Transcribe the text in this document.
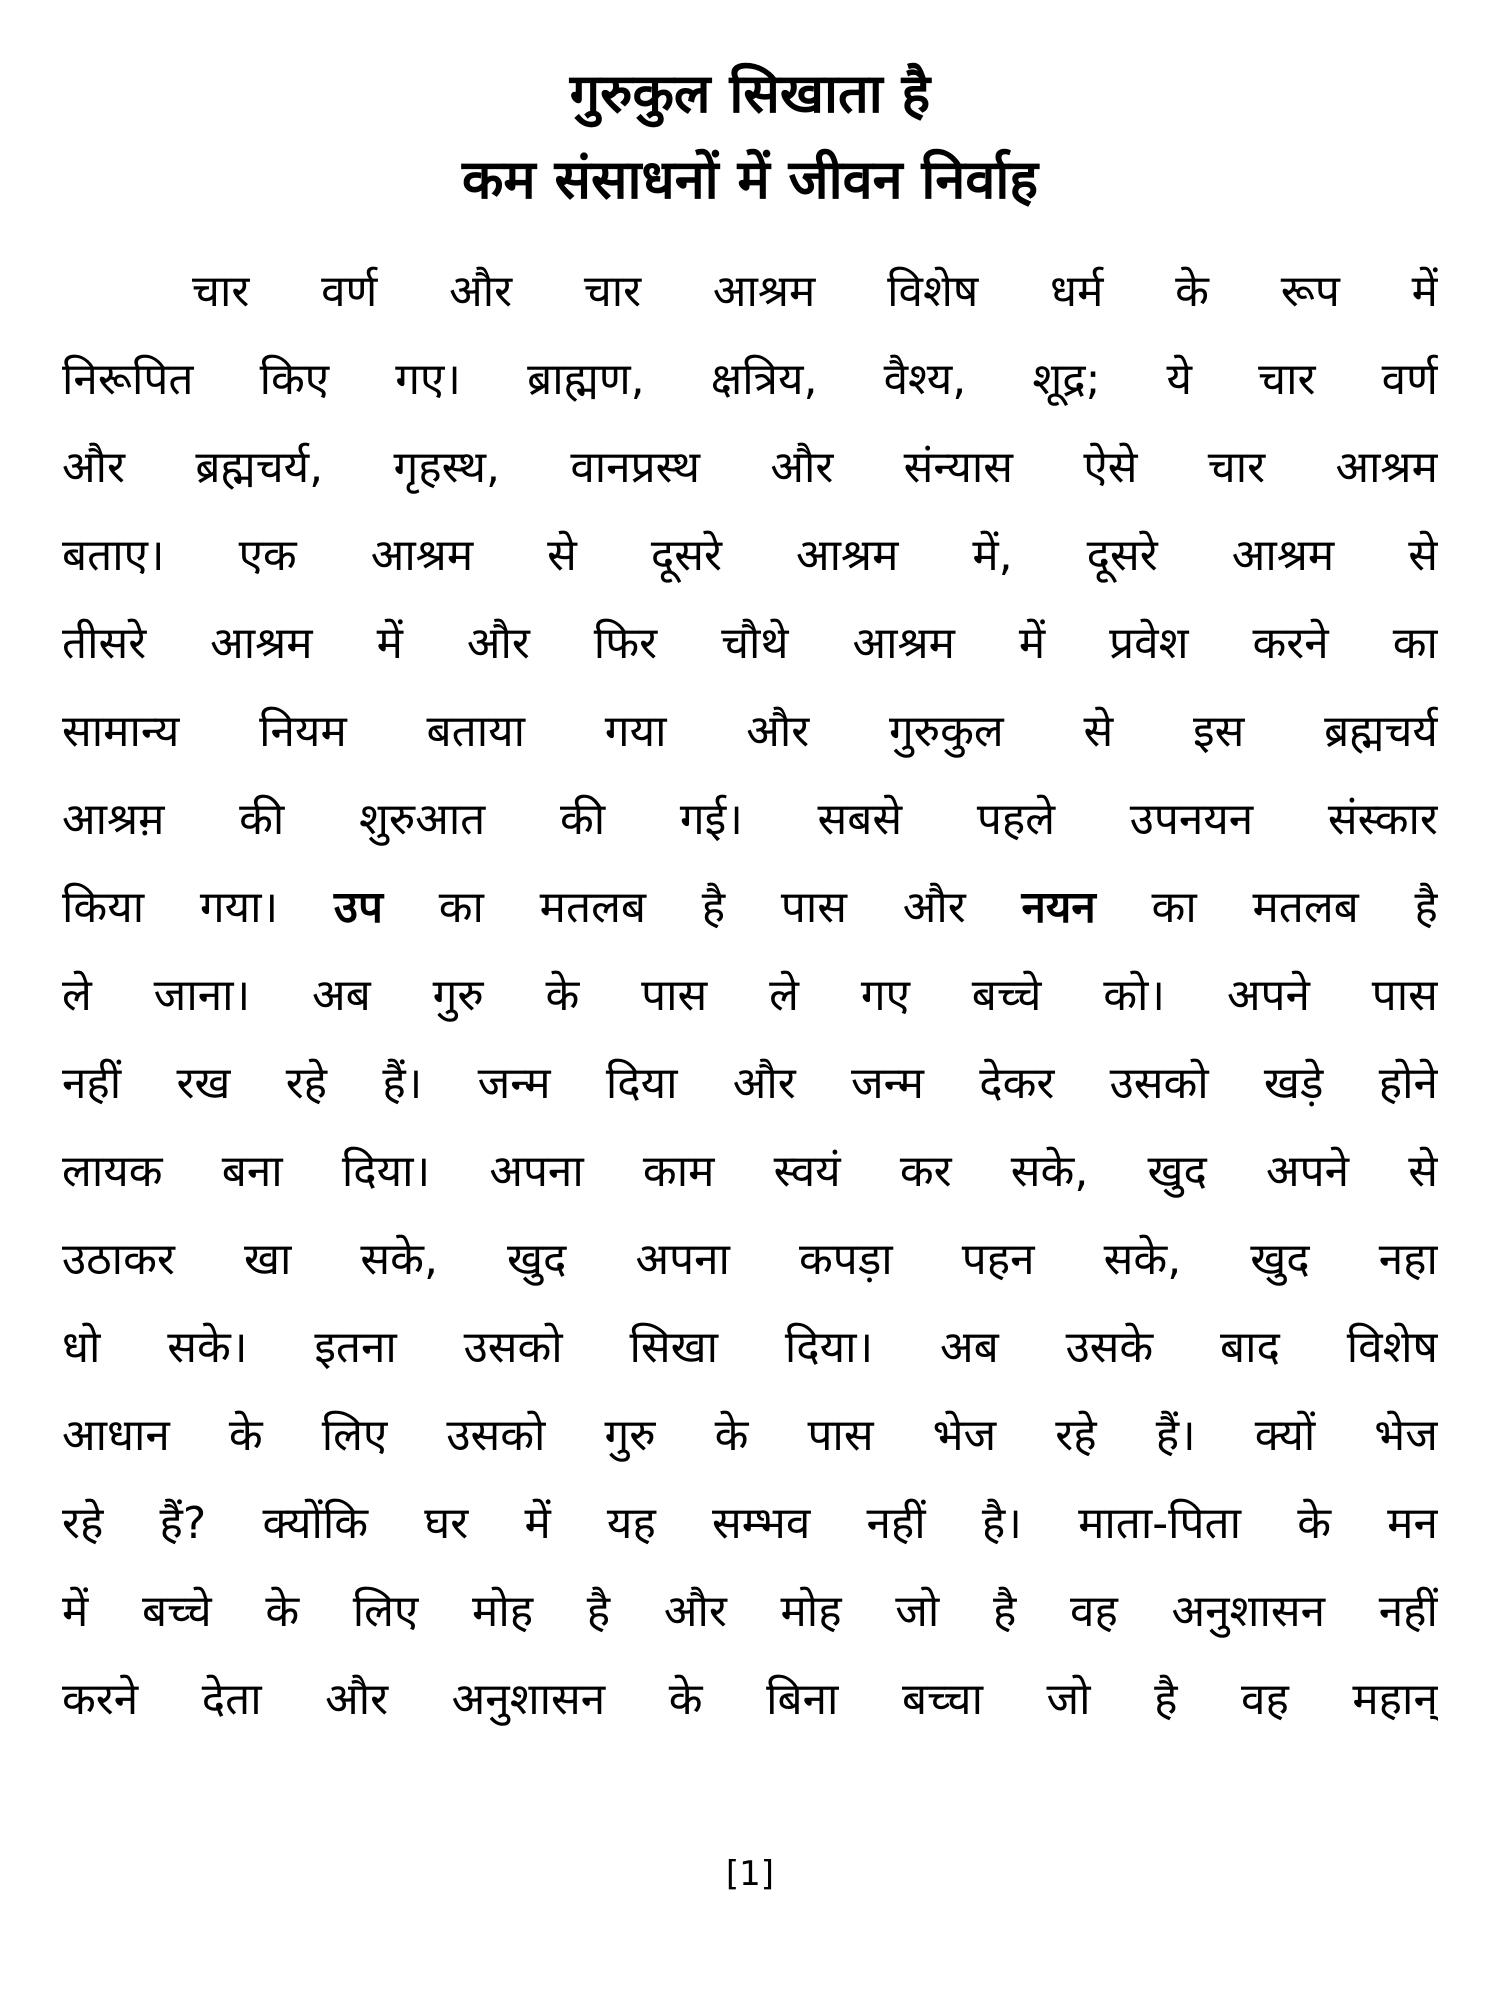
गुरुकुल सिखाता है
कम संसाधनों में जीवन निर्वाह
चार वर्ण और चार आश्रम विशेष धर्म के रूप में
निरूपित किए गए। ब्राह्मण, क्षत्रिय, वैश्य, शूद्र; ये चार वर्ण
और ब्रह्मचर्य, गृहस्थ, वानप्रस्थ और संन्यास ऐसे चार आश्रम
बताए। एक आश्रम से दूसरे आश्रम में, दूसरे आश्रम से
तीसरे आश्रम में और फिर चौथे आश्रम में प्रवेश करने का
सामान्य नियम बताया गया और गुरुकुल से इस ब्रह्मचर्य
आश्रम़ की शुरुआत की गई। सबसे पहले उपनयन संस्कार
किया गया। उप का मतलब है पास और नयन का मतलब है
ले जाना। अब गुरु के पास ले गए बच्चे को। अपने पास
नहीं रख रहे हैं। जन्म दिया और जन्म देकर उसको खड़े होने
लायक बना दिया। अपना काम स्वयं कर सके, खुद अपने से
उठाकर खा सके, खुद अपना कपड़ा पहन सके, खुद नहा
धो सके। इतना उसको सिखा दिया। अब उसके बाद विशेष
आधान के लिए उसको गुरु के पास भेज रहे हैं। क्यों भेज
रहे हैं? क्योंकि घर में यह सम्भव नहीं है। माता-पिता के मन
में बच्चे के लिए मोह है और मोह जो है वह अनुशासन नहीं
करने देता और अनुशासन के बिना बच्चा जो है वह महान्
[1]
